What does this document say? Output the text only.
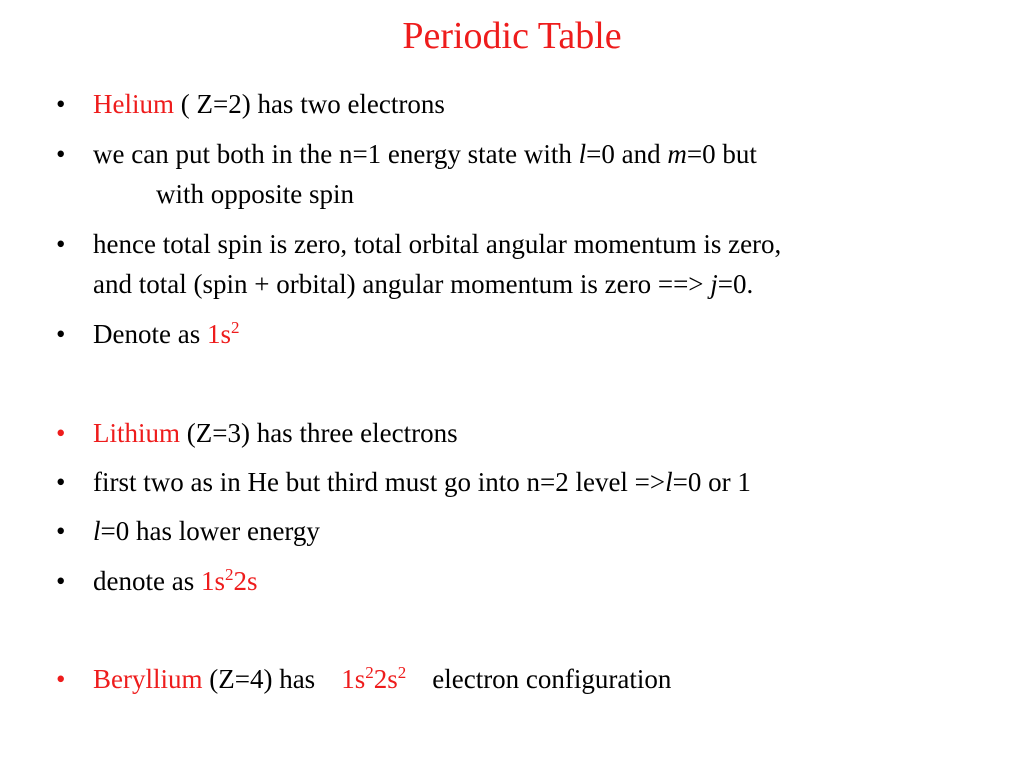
Periodic Table
• Helium ( Z=2) has two electrons
• we can put both in the n=1 energy state with l=0 and m=0 but
with opposite spin
• hence total spin is zero, total orbital angular momentum is zero,
and total (spin + orbital) angular momentum is zero ==> j=0.
• Denote as $1s^2$
• Lithium (Z=3) has three electrons
• first two as in He but third must go into n=2 level =>l=0 or 1
• l=0 has lower energy
• denote as $1s^22s$
• Beryllium (Z=4) has $1s^22s^2$ electron configuration
